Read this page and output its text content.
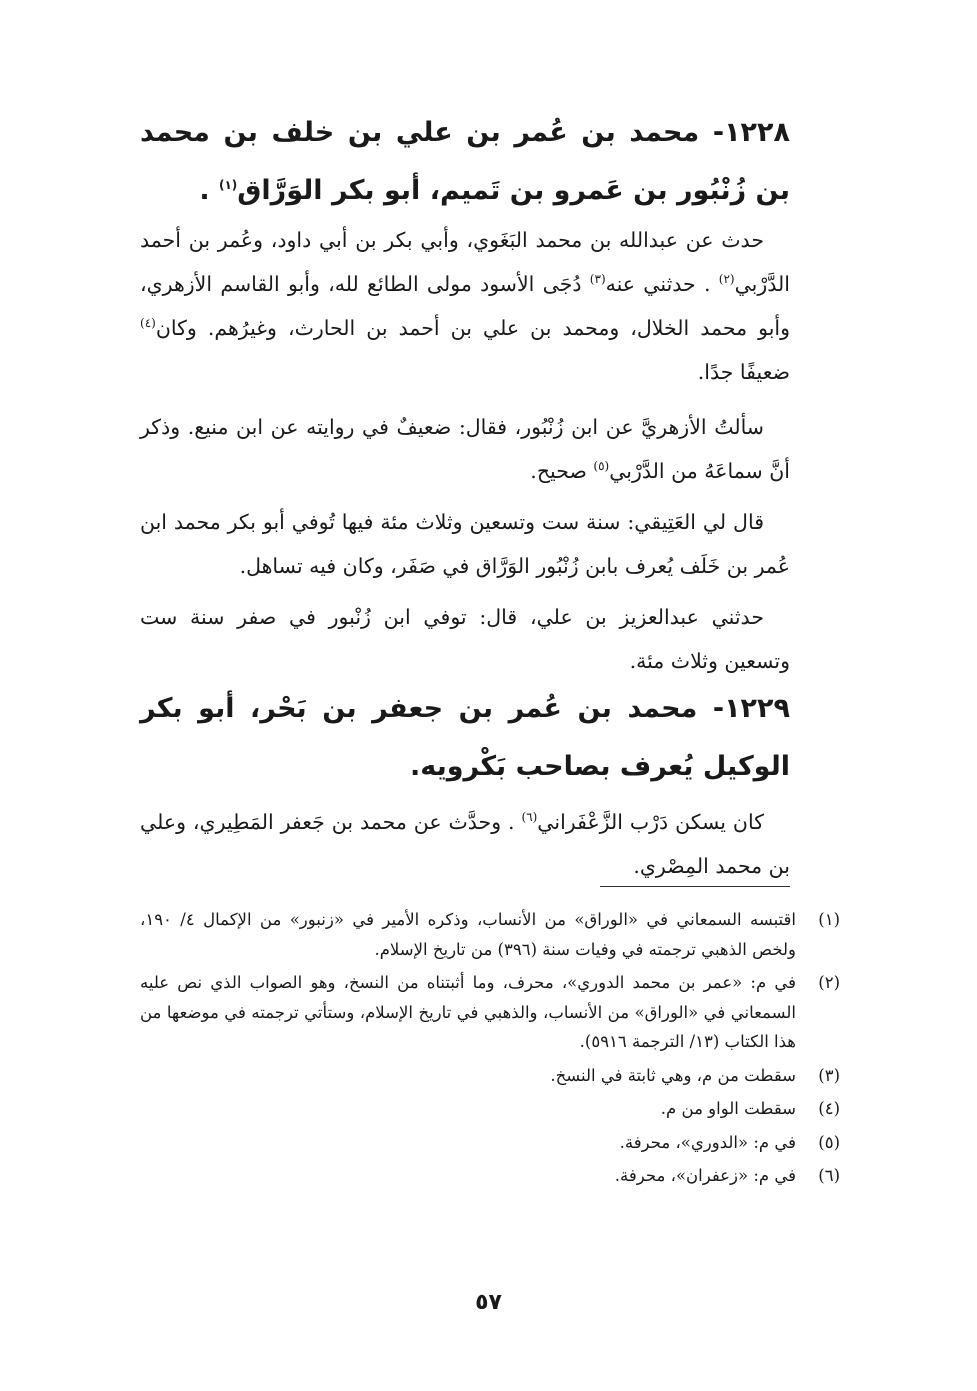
١٢٢٨- محمد بن عُمر بن علي بن خلف بن محمد بن زُنْبُور بن عَمرو بن تَميم، أبو بكر الوَرَّاق$^{(١)}$ .

حدث عن عبدالله بن محمد البَغَوي، وأبي بكر بن أبي داود، وعُمر بن أحمد الدَّرْبي$^{(٢)}$ . حدثني عنه$^{(٣)}$ دُجَى الأسود مولى الطائع لله، وأبو القاسم الأزهري، وأبو محمد الخلال، ومحمد بن علي بن أحمد بن الحارث، وغيرُهم. وكان$^{(٤)}$ ضعيفًا جدًا.

سألتُ الأزهريَّ عن ابن زُنْبُور، فقال: ضعيفٌ في روايته عن ابن منيع. وذكر أنَّ سماعَهُ من الدَّرْبي$^{(٥)}$ صحيح.

قال لي العَتِيقي: سنة ست وتسعين وثلاث مئة فيها تُوفي أبو بكر محمد ابن عُمر بن خَلَف يُعرف بابن زُنْبُور الوَرَّاق في صَفَر، وكان فيه تساهل.

حدثني عبدالعزيز بن علي، قال: توفي ابن زُنْبور في صفر سنة ست وتسعين وثلاث مئة.

١٢٢٩- محمد بن عُمر بن جعفر بن بَحْر، أبو بكر الوكيل يُعرف بصاحب بَكْرويه.

كان يسكن دَرْب الزَّعْفَراني$^{(٦)}$ . وحدَّث عن محمد بن جَعفر المَطِيري، وعلي بن محمد المِصْري.

(١)
اقتبسه السمعاني في «الوراق» من الأنساب، وذكره الأمير في «زنبور» من الإكمال ٤/ ١٩٠، ولخص الذهبي ترجمته في وفيات سنة (٣٩٦) من تاريخ الإسلام.
(٢)
في م: «عمر بن محمد الدوري»، محرف، وما أثبتناه من النسخ، وهو الصواب الذي نص عليه السمعاني في «الوراق» من الأنساب، والذهبي في تاريخ الإسلام، وستأتي ترجمته في موضعها من هذا الكتاب (١٣/ الترجمة ٥٩١٦).
(٣)
سقطت من م، وهي ثابتة في النسخ.
(٤)
سقطت الواو من م.
(٥)
في م: «الدوري»، محرفة.
(٦)
في م: «زعفران»، محرفة.
٥٧
